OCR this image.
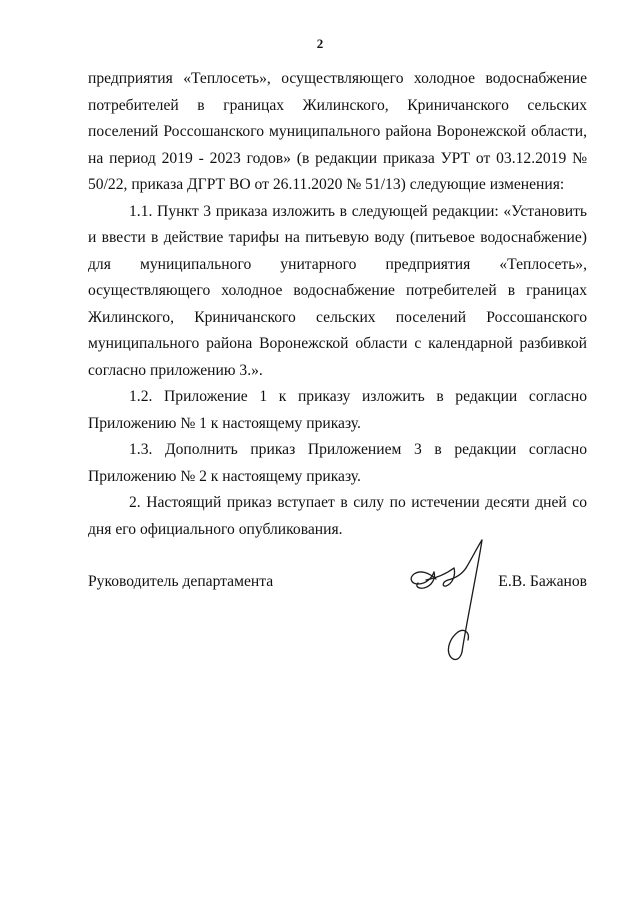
2

предприятия «Теплосеть», осуществляющего холодное водоснабжение потребителей в границах Жилинского, Криничанского сельских поселений Россошанского муниципального района Воронежской области, на период 2019 - 2023 годов» (в редакции приказа УРТ от 03.12.2019 № 50/22, приказа ДГРТ ВО от 26.11.2020 № 51/13) следующие изменения:

1.1. Пункт 3 приказа изложить в следующей редакции: «Установить и ввести в действие тарифы на питьевую воду (питьевое водоснабжение) для муниципального унитарного предприятия «Теплосеть», осуществляющего холодное водоснабжение потребителей в границах Жилинского, Криничанского сельских поселений Россошанского муниципального района Воронежской области с календарной разбивкой согласно приложению 3.».

1.2. Приложение 1 к приказу изложить в редакции согласно Приложению № 1 к настоящему приказу.

1.3. Дополнить приказ Приложением 3 в редакции согласно Приложению № 2 к настоящему приказу.

2. Настоящий приказ вступает в силу по истечении десяти дней со дня его официального опубликования.

Руководитель департамента	Е.В. Бажанов
